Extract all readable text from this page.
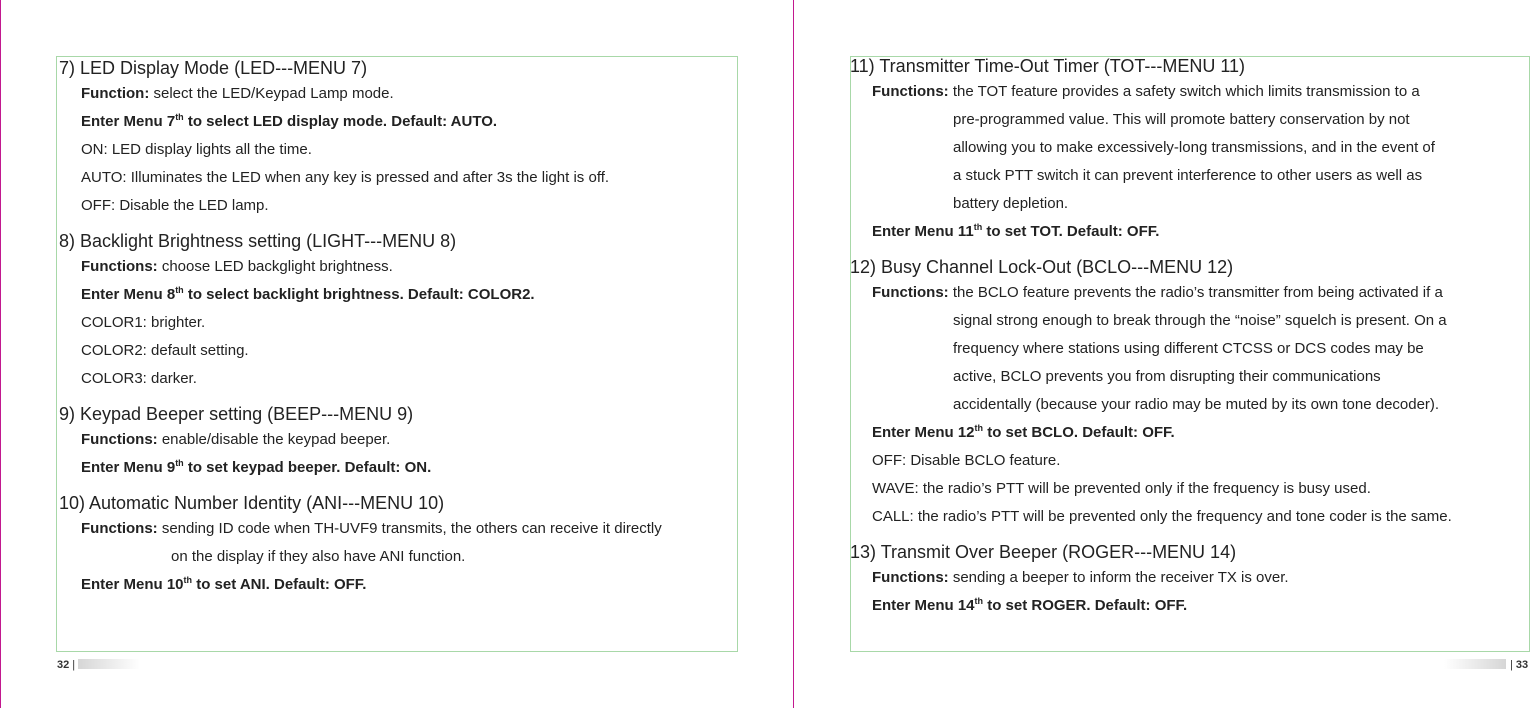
7) LED Display Mode (LED---MENU 7)
Function: select the LED/Keypad Lamp mode.
Enter Menu 7th to select LED display mode. Default: AUTO.
ON: LED display lights all the time.
AUTO: Illuminates the LED when any key is pressed and after 3s the light is off.
OFF: Disable the LED lamp.
8) Backlight Brightness setting (LIGHT---MENU 8)
Functions: choose LED backglight brightness.
Enter Menu 8th to select backlight brightness. Default: COLOR2.
COLOR1: brighter.
COLOR2: default setting.
COLOR3: darker.
9) Keypad Beeper setting (BEEP---MENU 9)
Functions: enable/disable the keypad beeper.
Enter Menu 9th to set keypad beeper. Default: ON.
10) Automatic Number Identity (ANI---MENU 10)
Functions: sending ID code when TH-UVF9 transmits, the others can receive it directly
on the display if they also have ANI function.
Enter Menu 10th to set ANI. Default: OFF.
11) Transmitter Time-Out Timer (TOT---MENU 11)
Functions: the TOT feature provides a safety switch which limits transmission to a
pre-programmed value. This will promote battery conservation by not
allowing you to make excessively-long transmissions, and in the event of
a stuck PTT switch it can prevent interference to other users as well as
battery depletion.
Enter Menu 11th to set TOT. Default: OFF.
12) Busy Channel Lock-Out (BCLO---MENU 12)
Functions: the BCLO feature prevents the radio’s transmitter from being activated if a
signal strong enough to break through the “noise” squelch is present. On a
frequency where stations using different CTCSS or DCS codes may be
active, BCLO prevents you from disrupting their communications
accidentally (because your radio may be muted by its own tone decoder).
Enter Menu 12th to set BCLO. Default: OFF.
OFF: Disable BCLO feature.
WAVE: the radio’s PTT will be prevented only if the frequency is busy used.
CALL: the radio’s PTT will be prevented only the frequency and tone coder is the same.
13) Transmit Over Beeper (ROGER---MENU 14)
Functions: sending a beeper to inform the receiver TX is over.
Enter Menu 14th to set ROGER. Default: OFF.
32 |	| 33
